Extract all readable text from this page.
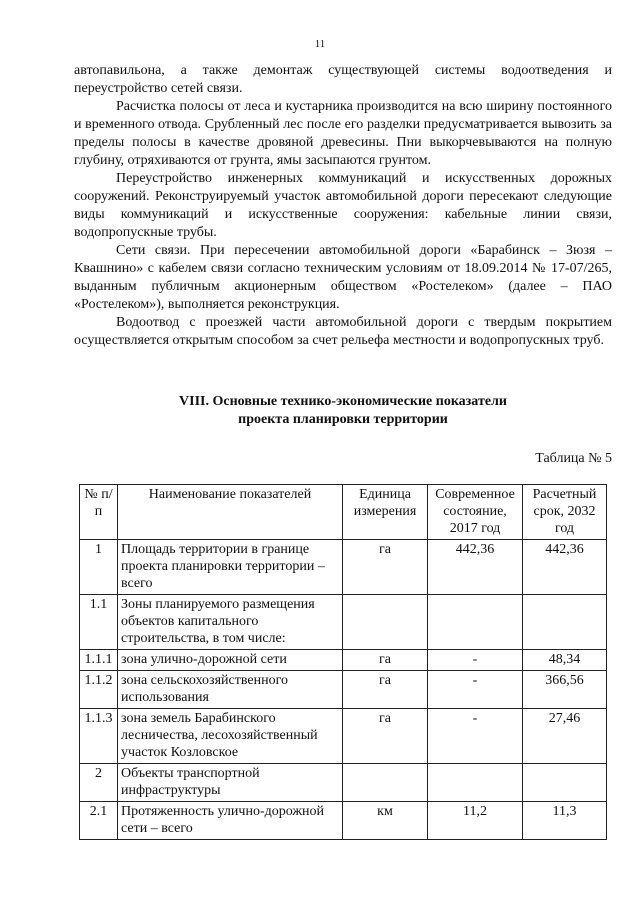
11

автопавильона, а также демонтаж существующей системы водоотведения и переустройство сетей связи.

Расчистка полосы от леса и кустарника производится на всю ширину постоянного и временного отвода. Срубленный лес после его разделки предусматривается вывозить за пределы полосы в качестве дровяной древесины. Пни выкорчевываются на полную глубину, отряхиваются от грунта, ямы засыпаются грунтом.

Переустройство инженерных коммуникаций и искусственных дорожных сооружений. Реконструируемый участок автомобильной дороги пересекают следующие виды коммуникаций и искусственные сооружения: кабельные линии связи, водопропускные трубы.

Сети связи. При пересечении автомобильной дороги «Барабинск – Зюзя – Квашнино» с кабелем связи согласно техническим условиям от 18.09.2014 № 17-07/265, выданным публичным акционерным обществом «Ростелеком» (далее – ПАО «Ростелеком»), выполняется реконструкция.

Водоотвод с проезжей части автомобильной дороги с твердым покрытием осуществляется открытым способом за счет рельефа местности и водопропускных труб.

VIII. Основные технико-экономические показатели
проекта планировки территории
Таблица № 5
№ п/п	Наименование показателей	Единица измерения	Современное состояние, 2017 год	Расчетный срок, 2032 год
1	Площадь территории в границе проекта планировки территории – всего	га	442,36	442,36
1.1	Зоны планируемого размещения объектов капитального строительства, в том числе:			
1.1.1	зона улично-дорожной сети	га	-	48,34
1.1.2	зона сельскохозяйственного использования	га	-	366,56
1.1.3	зона земель Барабинского лесничества, лесохозяйственный участок Козловское	га	-	27,46
2	Объекты транспортной инфраструктуры			
2.1	Протяженность улично-дорожной сети – всего	км	11,2	11,3
